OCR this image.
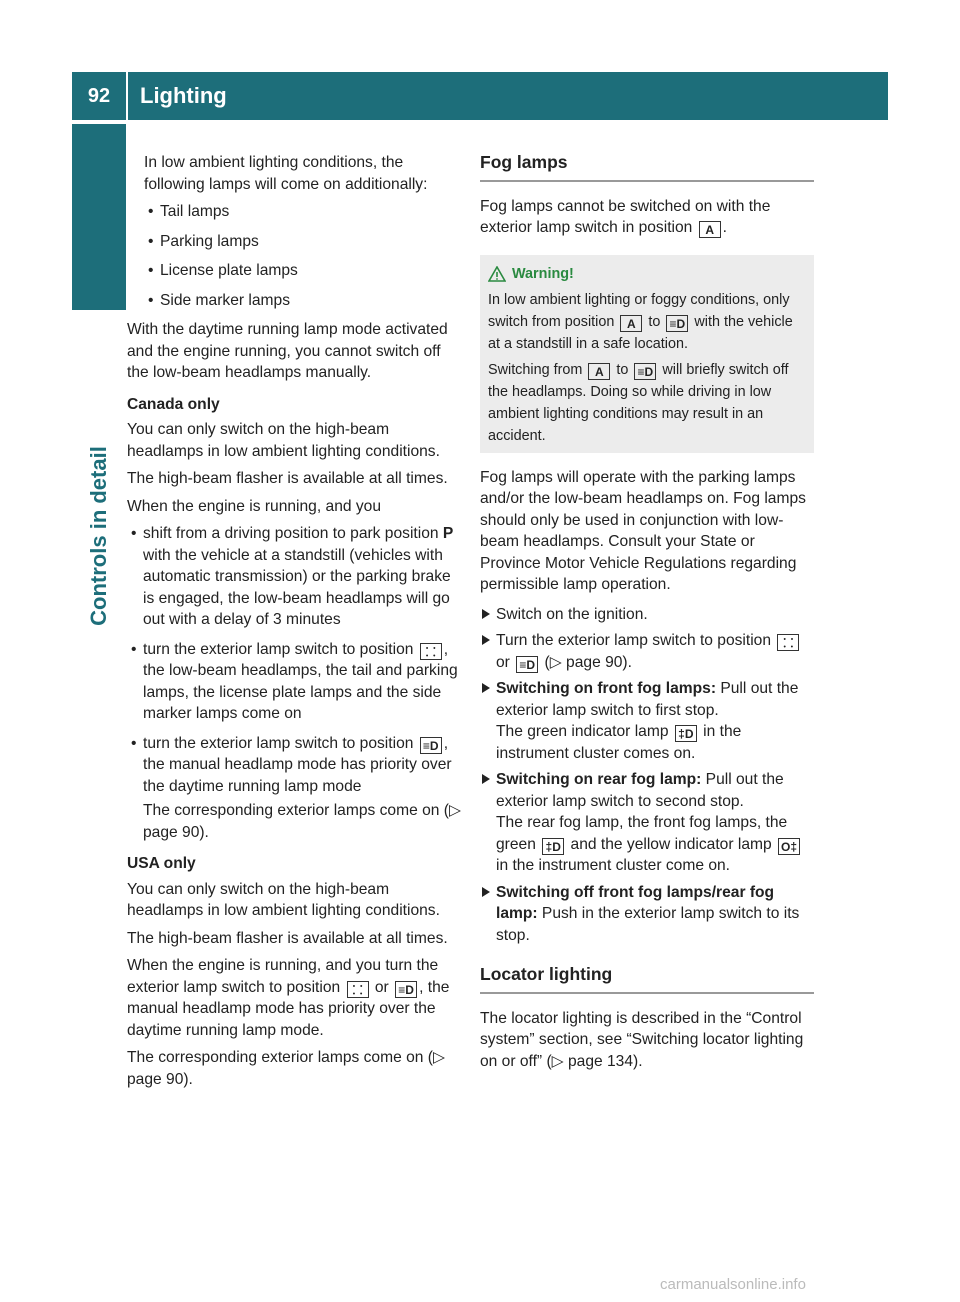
92	Lighting
Controls in detail

In low ambient lighting conditions, the following lamps will come on additionally:

• Tail lamps
• Parking lamps
• License plate lamps
• Side marker lamps

With the daytime running lamp mode activated and the engine running, you cannot switch off the low-beam headlamps manually.

Canada only

You can only switch on the high-beam headlamps in low ambient lighting conditions.

The high-beam flasher is available at all times.

When the engine is running, and you

• shift from a driving position to park position P with the vehicle at a standstill (vehicles with automatic transmission) or the parking brake is engaged, the low-beam headlamps will go out with a delay of 3 minutes
• turn the exterior lamp switch to position ⸬ , the low-beam headlamps, the tail and parking lamps, the license plate lamps and the side marker lamps come on
• turn the exterior lamp switch to position ≡D , the manual headlamp mode has priority over the daytime running lamp mode
The corresponding exterior lamps come on (▷ page 90).
USA only

You can only switch on the high-beam headlamps in low ambient lighting conditions.

The high-beam flasher is available at all times.

When the engine is running, and you turn the exterior lamp switch to position ⸬ or ≡D , the manual headlamp mode has priority over the daytime running lamp mode.

The corresponding exterior lamps come on (▷ page 90).

Fog lamps

Fog lamps cannot be switched on with the exterior lamp switch in position A .

Warning!
In low ambient lighting or foggy conditions, only switch from position A to ≡D with the vehicle at a standstill in a safe location.
Switching from A to ≡D will briefly switch off the headlamps. Doing so while driving in low ambient lighting conditions may result in an accident.

Fog lamps will operate with the parking lamps and/or the low-beam headlamps on. Fog lamps should only be used in conjunction with low-beam headlamps. Consult your State or Province Motor Vehicle Regulations regarding permissible lamp operation.

Switch on the ignition.
Turn the exterior lamp switch to position ⸬ or ≡D (▷ page 90).
Switching on front fog lamps: Pull out the exterior lamp switch to first stop.
The green indicator lamp ‡D in the instrument cluster comes on.
Switching on rear fog lamp: Pull out the exterior lamp switch to second stop.
The rear fog lamp, the front fog lamps, the green ‡D and the yellow indicator lamp O‡ in the instrument cluster come on.
Switching off front fog lamps/rear fog lamp: Push in the exterior lamp switch to its stop.
Locator lighting

The locator lighting is described in the “Control system” section, see “Switching locator lighting on or off” (▷ page 134).

carmanualsonline.info
